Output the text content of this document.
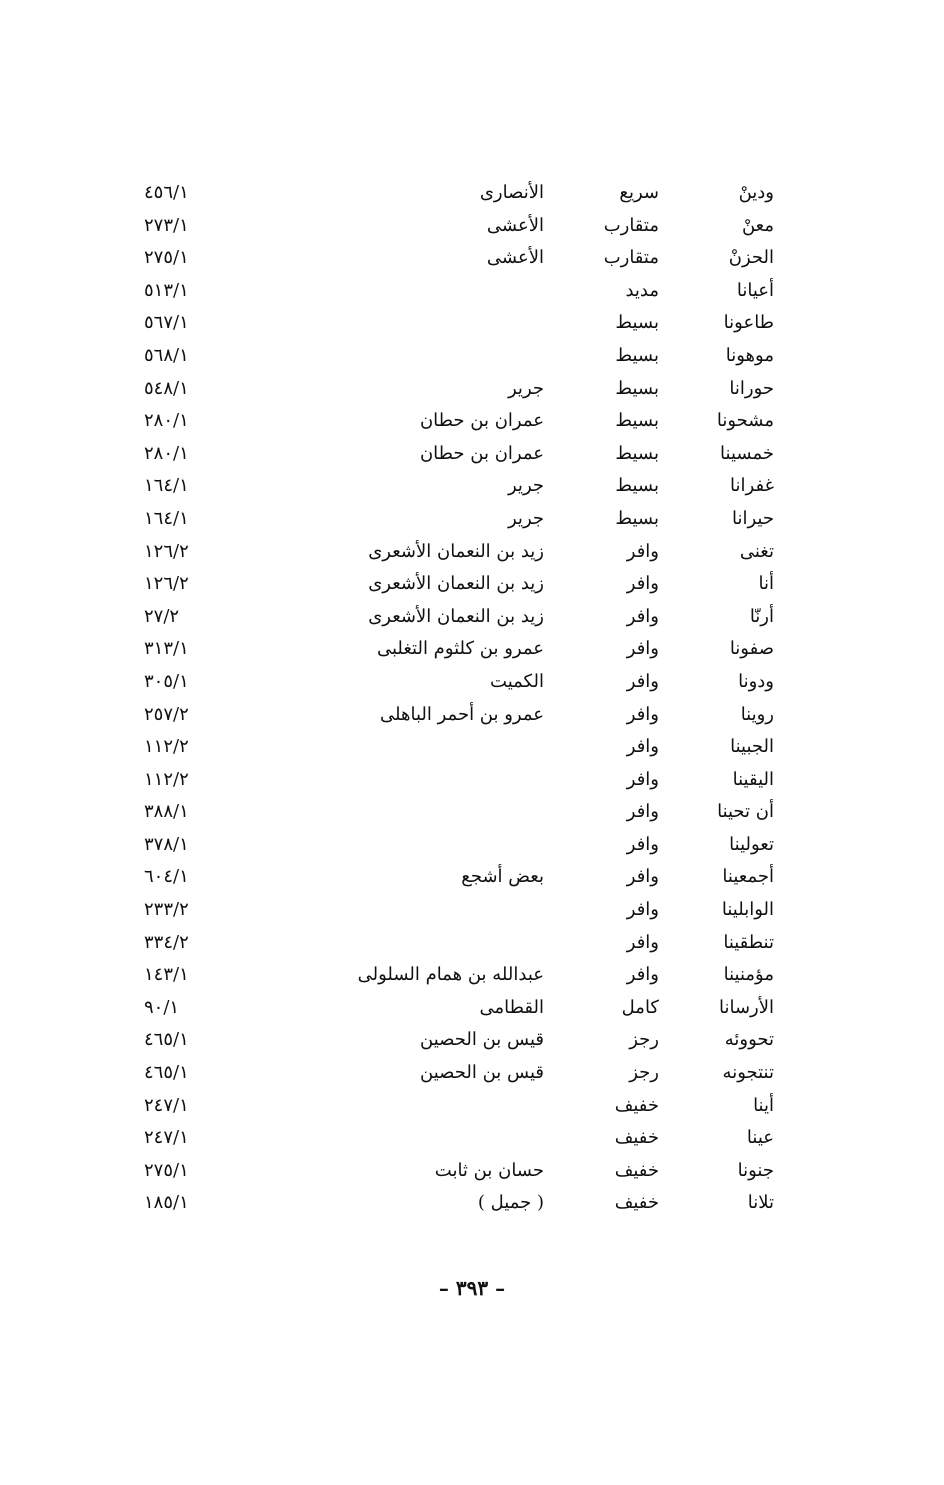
ودينْ
سريع
الأنصارى
٤٥٦/١
معنْ
متقارب
الأعشى
٢٧٣/١
الحزنْ
متقارب
الأعشى
٢٧٥/١
أعيانا
مديد
٥١٣/١
طاعونا
بسيط
٥٦٧/١
موهونا
بسيط
٥٦٨/١
حورانا
بسيط
جرير
٥٤٨/١
مشحونا
بسيط
عمران بن حطان
٢٨٠/١
خمسينا
بسيط
عمران بن حطان
٢٨٠/١
غفرانا
بسيط
جرير
١٦٤/١
حيرانا
بسيط
جرير
١٦٤/١
تغنى
وافر
زيد بن النعمان الأشعرى
١٢٦/٢
أنا
وافر
زيد بن النعمان الأشعرى
١٢٦/٢
أرنّا
وافر
زيد بن النعمان الأشعرى
٢٧/٢
صفونا
وافر
عمرو بن كلثوم التغلبى
٣١٣/١
ودونا
وافر
الكميت
٣٠٥/١
روينا
وافر
عمرو بن أحمر الباهلى
٢٥٧/٢
الجبينا
وافر
١١٢/٢
اليقينا
وافر
١١٢/٢
أن تحينا
وافر
٣٨٨/١
تعولينا
وافر
٣٧٨/١
أجمعينا
وافر
بعض أشجع
٦٠٤/١
الوابلينا
وافر
٢٣٣/٢
تنطقينا
وافر
٣٣٤/٢
مؤمنينا
وافر
عبدالله بن همام السلولى
١٤٣/١
الأرسانا
كامل
القطامى
٩٠/١
تحووئه
رجز
قيس بن الحصين
٤٦٥/١
تنتجونه
رجز
قيس بن الحصين
٤٦٥/١
أينا
خفيف
٢٤٧/١
عينا
خفيف
٢٤٧/١
جنونا
خفيف
حسان بن ثابت
٢٧٥/١
تلانا
خفيف
( جميل )
١٨٥/١
– ٣٩٣ –
